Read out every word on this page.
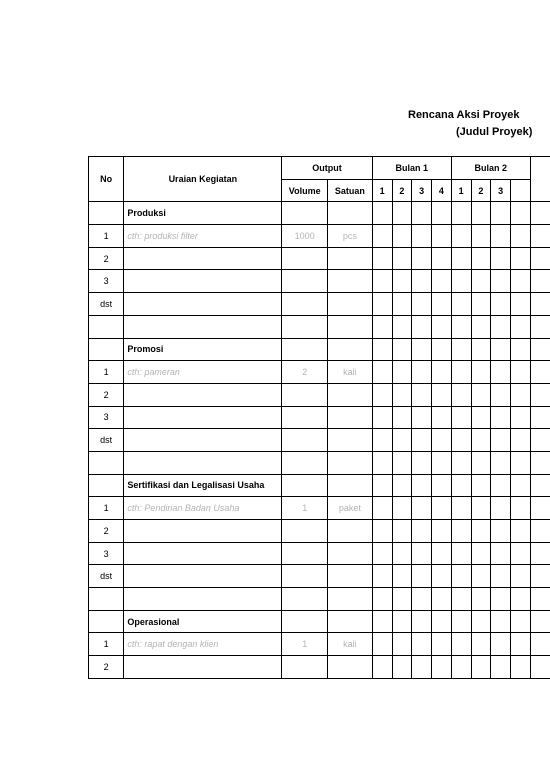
Rencana Aksi Proyek
(Judul Proyek)
No	Uraian Kegiatan	Output		Bulan 1				Bulan 2				
		Volume	Satuan	1	2	3	4	1	2	3		
	Produksi											
1	cth: produksi filter	1000	pcs									
2												
3												
dst												

	Promosi											
1	cth: pameran	2	kali									
2												
3												
dst												

	Sertifikasi dan Legalisasi Usaha											
1	cth: Pendirian Badan Usaha	1	paket									
2												
3												
dst												

	Operasional											
1	cth: rapat dengan klien	1	kali									
2												
